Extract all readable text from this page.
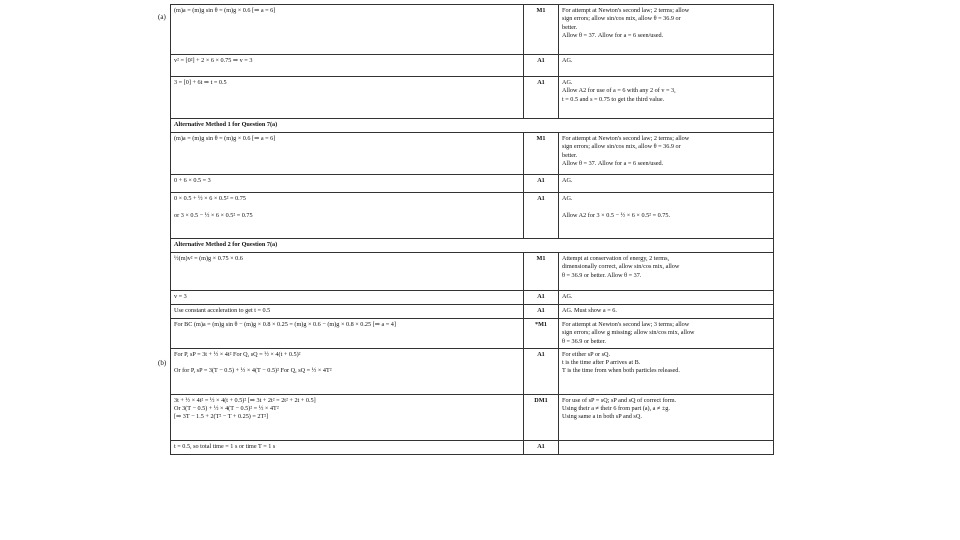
(a)
(b)
(m)a = (m)g sin θ = (m)g × 0.6 [⇒ a = 6]	M1	For attempt at Newton's second law; 2 terms; allow
sign errors; allow sin/cos mix, allow θ = 36.9 or
better.
Allow θ = 37. Allow for a = 6 seen/used.

v² = [0²] + 2 × 6 × 0.75 ⇒ v = 3	A1	AG.

3 = [0] + 6t ⇒ t = 0.5	A1	AG.
Allow A2 for use of a = 6 with any 2 of v = 3,
t = 0.5 and s = 0.75 to get the third value.

Alternative Method 1 for Question 7(a)		

(m)a = (m)g sin θ = (m)g × 0.6 [⇒ a = 6]	M1	For attempt at Newton's second law; 2 terms; allow
sign errors; allow sin/cos mix, allow θ = 36.9 or
better.
Allow θ = 37. Allow for a = 6 seen/used.

0 + 6 × 0.5 = 3	A1	AG.

0 × 0.5 + ½ × 6 × 0.5² = 0.75

or 3 × 0.5 − ½ × 6 × 0.5² = 0.75	A1	AG.

Allow A2 for 3 × 0.5 − ½ × 6 × 0.5² = 0.75.

Alternative Method 2 for Question 7(a)		

½(m)v² = (m)g × 0.75 × 0.6	M1	Attempt at conservation of energy, 2 terms,
dimensionally correct, allow sin/cos mix, allow
θ = 36.9 or better. Allow θ = 37.

v = 3	A1	AG.

Use constant acceleration to get t = 0.5	A1	AG. Must show a = 6.

For BC (m)a = (m)g sin θ − (m)g × 0.8 × 0.25 = (m)g × 0.6 − (m)g × 0.8 × 0.25 [⇒ a = 4]	*M1	For attempt at Newton's second law; 3 terms; allow
sign errors; allow g missing; allow sin/cos mix, allow
θ = 36.9 or better.

For P, sP = 3t + ½ × 4t² For Q, sQ = ½ × 4(t + 0.5)²

Or for P, sP = 3(T − 0.5) + ½ × 4(T − 0.5)² For Q, sQ = ½ × 4T²	A1	For either sP or sQ.
t is the time after P arrives at B.
T is the time from when both particles released.

3t + ½ × 4t² = ½ × 4(t + 0.5)² [⇒ 3t + 2t² = 2t² + 2t + 0.5]
Or 3(T − 0.5) + ½ × 4(T − 0.5)² = ½ × 4T²
[⇒ 3T − 1.5 + 2(T² − T + 0.25) = 2T²]	DM1	For use of sP = sQ; sP and sQ of correct form.
Using their a ≠ their 6 from part (a), a ≠ ±g.
Using same a in both sP and sQ.

t = 0.5, so total time = 1 s or time T = 1 s	A1	
